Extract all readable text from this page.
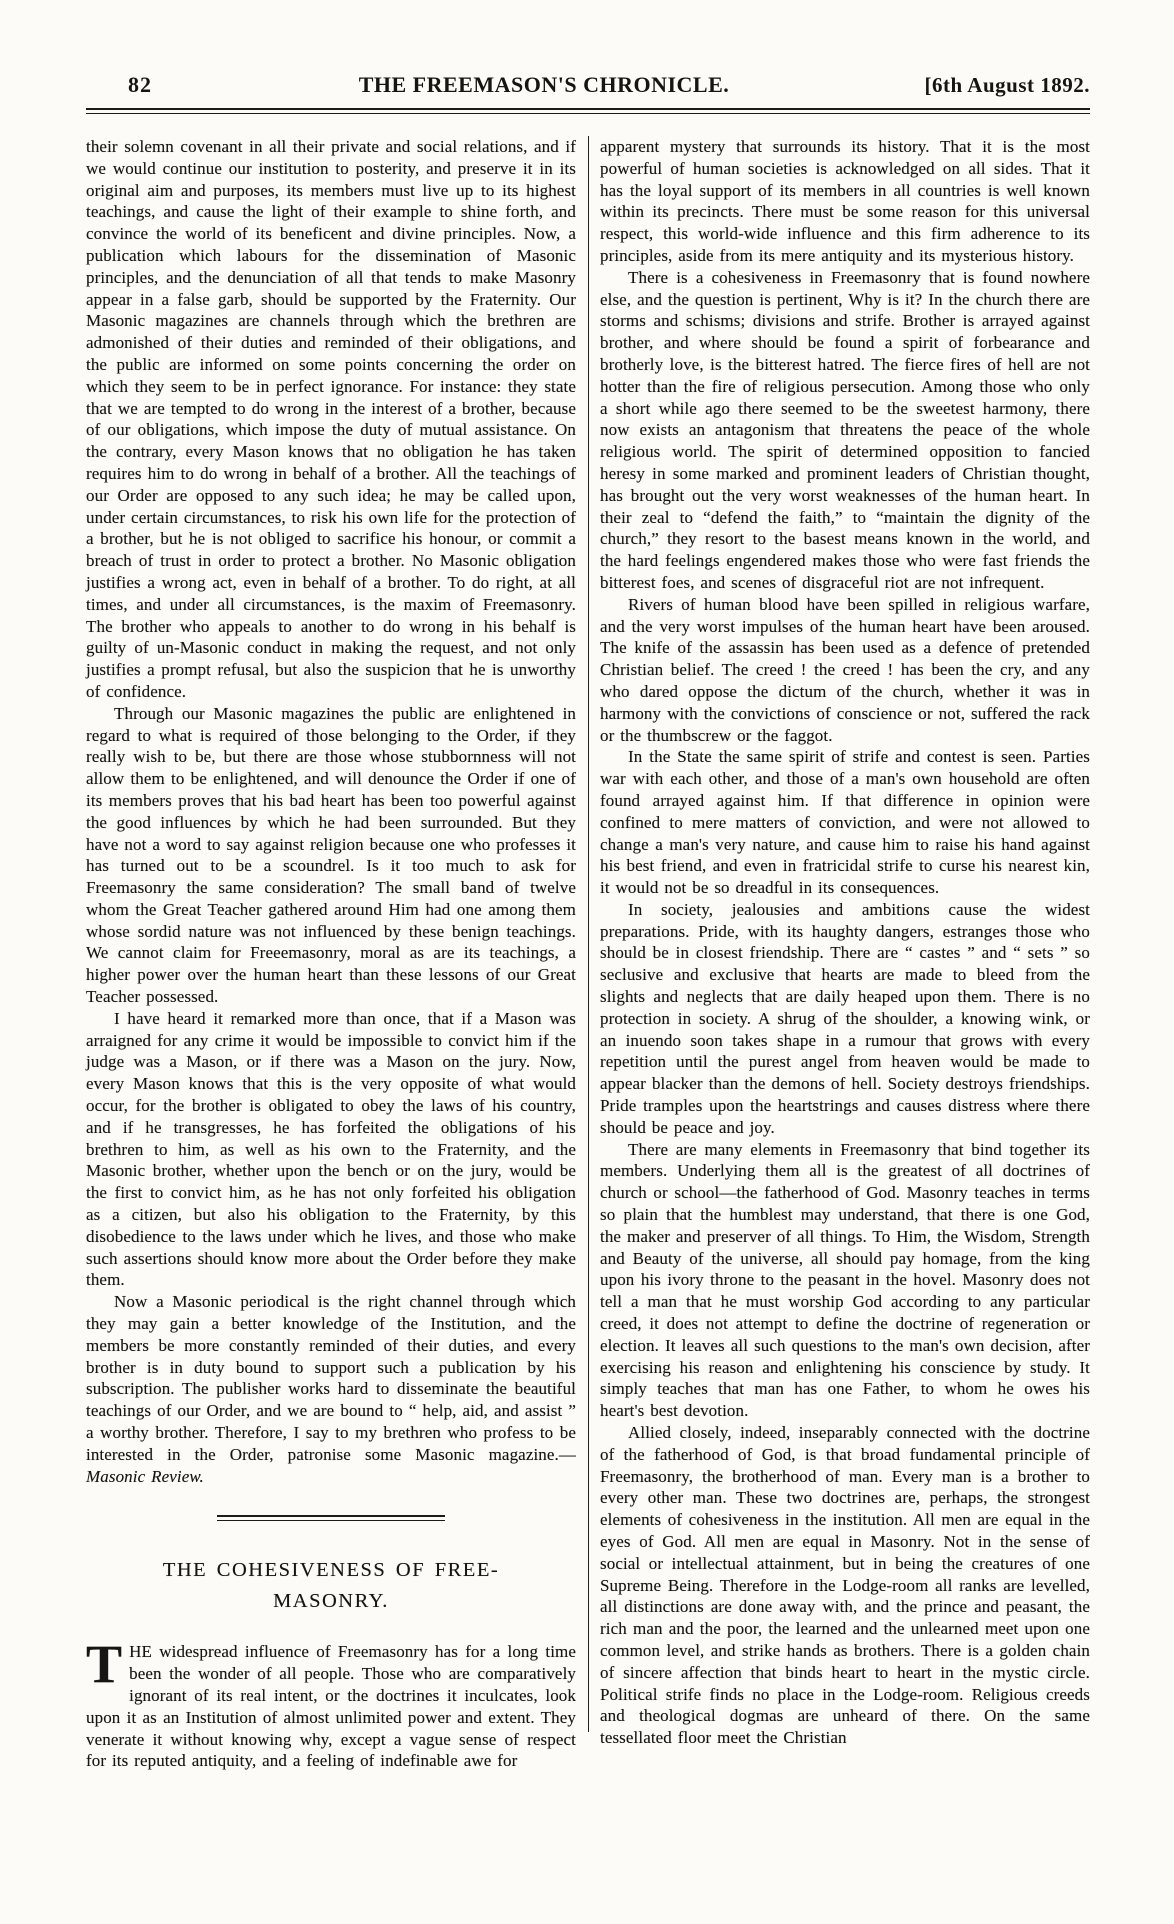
82	THE FREEMASON'S CHRONICLE.	[6th August 1892.

their solemn covenant in all their private and social relations, and if we would continue our institution to posterity, and preserve it in its original aim and purposes, its members must live up to its highest teachings, and cause the light of their example to shine forth, and convince the world of its beneficent and divine principles. Now, a publication which labours for the dissemination of Masonic principles, and the denunciation of all that tends to make Masonry appear in a false garb, should be supported by the Fraternity. Our Masonic magazines are channels through which the brethren are admonished of their duties and reminded of their obligations, and the public are informed on some points concerning the order on which they seem to be in perfect ignorance. For instance: they state that we are tempted to do wrong in the interest of a brother, because of our obligations, which impose the duty of mutual assistance. On the contrary, every Mason knows that no obligation he has taken requires him to do wrong in behalf of a brother. All the teachings of our Order are opposed to any such idea; he may be called upon, under certain circumstances, to risk his own life for the protection of a brother, but he is not obliged to sacrifice his honour, or commit a breach of trust in order to protect a brother. No Masonic obligation justifies a wrong act, even in behalf of a brother. To do right, at all times, and under all circumstances, is the maxim of Freemasonry. The brother who appeals to another to do wrong in his behalf is guilty of un-Masonic conduct in making the request, and not only justifies a prompt refusal, but also the suspicion that he is unworthy of confidence.

Through our Masonic magazines the public are enlightened in regard to what is required of those belonging to the Order, if they really wish to be, but there are those whose stubbornness will not allow them to be enlightened, and will denounce the Order if one of its members proves that his bad heart has been too powerful against the good influences by which he had been surrounded. But they have not a word to say against religion because one who professes it has turned out to be a scoundrel. Is it too much to ask for Freemasonry the same consideration? The small band of twelve whom the Great Teacher gathered around Him had one among them whose sordid nature was not influenced by these benign teachings. We cannot claim for Freeemasonry, moral as are its teachings, a higher power over the human heart than these lessons of our Great Teacher possessed.

I have heard it remarked more than once, that if a Mason was arraigned for any crime it would be impossible to convict him if the judge was a Mason, or if there was a Mason on the jury. Now, every Mason knows that this is the very opposite of what would occur, for the brother is obligated to obey the laws of his country, and if he transgresses, he has forfeited the obligations of his brethren to him, as well as his own to the Fraternity, and the Masonic brother, whether upon the bench or on the jury, would be the first to convict him, as he has not only forfeited his obligation as a citizen, but also his obligation to the Fraternity, by this disobedience to the laws under which he lives, and those who make such assertions should know more about the Order before they make them.

Now a Masonic periodical is the right channel through which they may gain a better knowledge of the Institution, and the members be more constantly reminded of their duties, and every brother is in duty bound to support such a publication by his subscription. The publisher works hard to disseminate the beautiful teachings of our Order, and we are bound to “ help, aid, and assist ” a worthy brother. Therefore, I say to my brethren who profess to be interested in the Order, patronise some Masonic magazine.—Masonic Review.

THE COHESIVENESS OF FREE-
MASONRY.

T HE widespread influence of Freemasonry has for a long time been the wonder of all people. Those who are comparatively ignorant of its real intent, or the doctrines it inculcates, look upon it as an Institution of almost unlimited power and extent. They venerate it without knowing why, except a vague sense of respect for its reputed antiquity, and a feeling of indefinable awe for

apparent mystery that surrounds its history. That it is the most powerful of human societies is acknowledged on all sides. That it has the loyal support of its members in all countries is well known within its precincts. There must be some reason for this universal respect, this world-wide influence and this firm adherence to its principles, aside from its mere antiquity and its mysterious history.

There is a cohesiveness in Freemasonry that is found nowhere else, and the question is pertinent, Why is it? In the church there are storms and schisms; divisions and strife. Brother is arrayed against brother, and where should be found a spirit of forbearance and brotherly love, is the bitterest hatred. The fierce fires of hell are not hotter than the fire of religious persecution. Among those who only a short while ago there seemed to be the sweetest harmony, there now exists an antagonism that threatens the peace of the whole religious world. The spirit of determined opposition to fancied heresy in some marked and prominent leaders of Christian thought, has brought out the very worst weaknesses of the human heart. In their zeal to “defend the faith,” to “maintain the dignity of the church,” they resort to the basest means known in the world, and the hard feelings engendered makes those who were fast friends the bitterest foes, and scenes of disgraceful riot are not infrequent.

Rivers of human blood have been spilled in religious warfare, and the very worst impulses of the human heart have been aroused. The knife of the assassin has been used as a defence of pretended Christian belief. The creed ! the creed ! has been the cry, and any who dared oppose the dictum of the church, whether it was in harmony with the convictions of conscience or not, suffered the rack or the thumbscrew or the faggot.

In the State the same spirit of strife and contest is seen. Parties war with each other, and those of a man's own household are often found arrayed against him. If that difference in opinion were confined to mere matters of conviction, and were not allowed to change a man's very nature, and cause him to raise his hand against his best friend, and even in fratricidal strife to curse his nearest kin, it would not be so dreadful in its consequences.

In society, jealousies and ambitions cause the widest preparations. Pride, with its haughty dangers, estranges those who should be in closest friendship. There are “ castes ” and “ sets ” so seclusive and exclusive that hearts are made to bleed from the slights and neglects that are daily heaped upon them. There is no protection in society. A shrug of the shoulder, a knowing wink, or an inuendo soon takes shape in a rumour that grows with every repetition until the purest angel from heaven would be made to appear blacker than the demons of hell. Society destroys friendships. Pride tramples upon the heartstrings and causes distress where there should be peace and joy.

There are many elements in Freemasonry that bind together its members. Underlying them all is the greatest of all doctrines of church or school—the fatherhood of God. Masonry teaches in terms so plain that the humblest may understand, that there is one God, the maker and preserver of all things. To Him, the Wisdom, Strength and Beauty of the universe, all should pay homage, from the king upon his ivory throne to the peasant in the hovel. Masonry does not tell a man that he must worship God according to any particular creed, it does not attempt to define the doctrine of regeneration or election. It leaves all such questions to the man's own decision, after exercising his reason and enlightening his conscience by study. It simply teaches that man has one Father, to whom he owes his heart's best devotion.

Allied closely, indeed, inseparably connected with the doctrine of the fatherhood of God, is that broad fundamental principle of Freemasonry, the brotherhood of man. Every man is a brother to every other man. These two doctrines are, perhaps, the strongest elements of cohesiveness in the institution. All men are equal in the eyes of God. All men are equal in Masonry. Not in the sense of social or intellectual attainment, but in being the creatures of one Supreme Being. Therefore in the Lodge-room all ranks are levelled, all distinctions are done away with, and the prince and peasant, the rich man and the poor, the learned and the unlearned meet upon one common level, and strike hands as brothers. There is a golden chain of sincere affection that binds heart to heart in the mystic circle. Political strife finds no place in the Lodge-room. Religious creeds and theological dogmas are unheard of there. On the same tessellated floor meet the Christian
